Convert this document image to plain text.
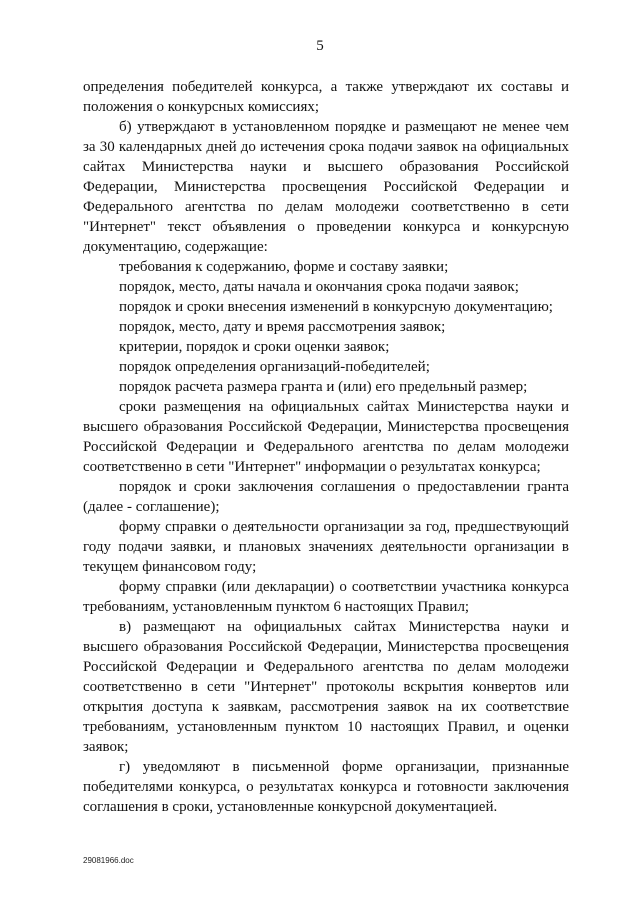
5

определения победителей конкурса, а также утверждают их составы и положения о конкурсных комиссиях;

б) утверждают в установленном порядке и размещают не менее чем за 30 календарных дней до истечения срока подачи заявок на официальных сайтах Министерства науки и высшего образования Российской Федерации, Министерства просвещения Российской Федерации и Федерального агентства по делам молодежи соответственно в сети "Интернет" текст объявления о проведении конкурса и конкурсную документацию, содержащие:

требования к содержанию, форме и составу заявки;

порядок, место, даты начала и окончания срока подачи заявок;

порядок и сроки внесения изменений в конкурсную документацию;

порядок, место, дату и время рассмотрения заявок;

критерии, порядок и сроки оценки заявок;

порядок определения организаций-победителей;

порядок расчета размера гранта и (или) его предельный размер;

сроки размещения на официальных сайтах Министерства науки и высшего образования Российской Федерации, Министерства просвещения Российской Федерации и Федерального агентства по делам молодежи соответственно в сети "Интернет" информации о результатах конкурса;

порядок и сроки заключения соглашения о предоставлении гранта (далее - соглашение);

форму справки о деятельности организации за год, предшествующий году подачи заявки, и плановых значениях деятельности организации в текущем финансовом году;

форму справки (или декларации) о соответствии участника конкурса требованиям, установленным пунктом 6 настоящих Правил;

в) размещают на официальных сайтах Министерства науки и высшего образования Российской Федерации, Министерства просвещения Российской Федерации и Федерального агентства по делам молодежи соответственно в сети "Интернет" протоколы вскрытия конвертов или открытия доступа к заявкам, рассмотрения заявок на их соответствие требованиям, установленным пунктом 10 настоящих Правил, и оценки заявок;

г) уведомляют в письменной форме организации, признанные победителями конкурса, о результатах конкурса и готовности заключения соглашения в сроки, установленные конкурсной документацией.

29081966.doc
